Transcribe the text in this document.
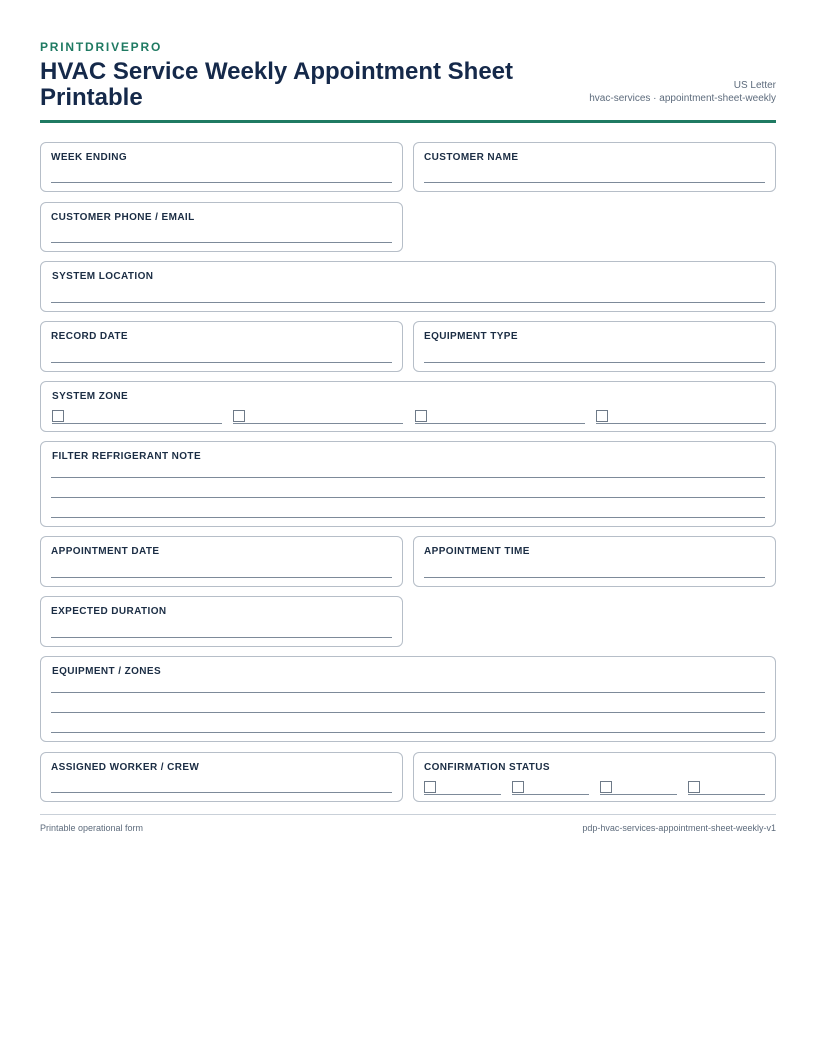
PRINTDRIVEPRO
HVAC Service Weekly Appointment Sheet Printable	US Letter
hvac-services · appointment-sheet-weekly
WEEK ENDING	CUSTOMER NAME
CUSTOMER PHONE / EMAIL
SYSTEM LOCATION
RECORD DATE	EQUIPMENT TYPE
SYSTEM ZONE
FILTER REFRIGERANT NOTE
APPOINTMENT DATE	APPOINTMENT TIME
EXPECTED DURATION
EQUIPMENT / ZONES
ASSIGNED WORKER / CREW	CONFIRMATION STATUS
Printable operational form	pdp-hvac-services-appointment-sheet-weekly-v1
